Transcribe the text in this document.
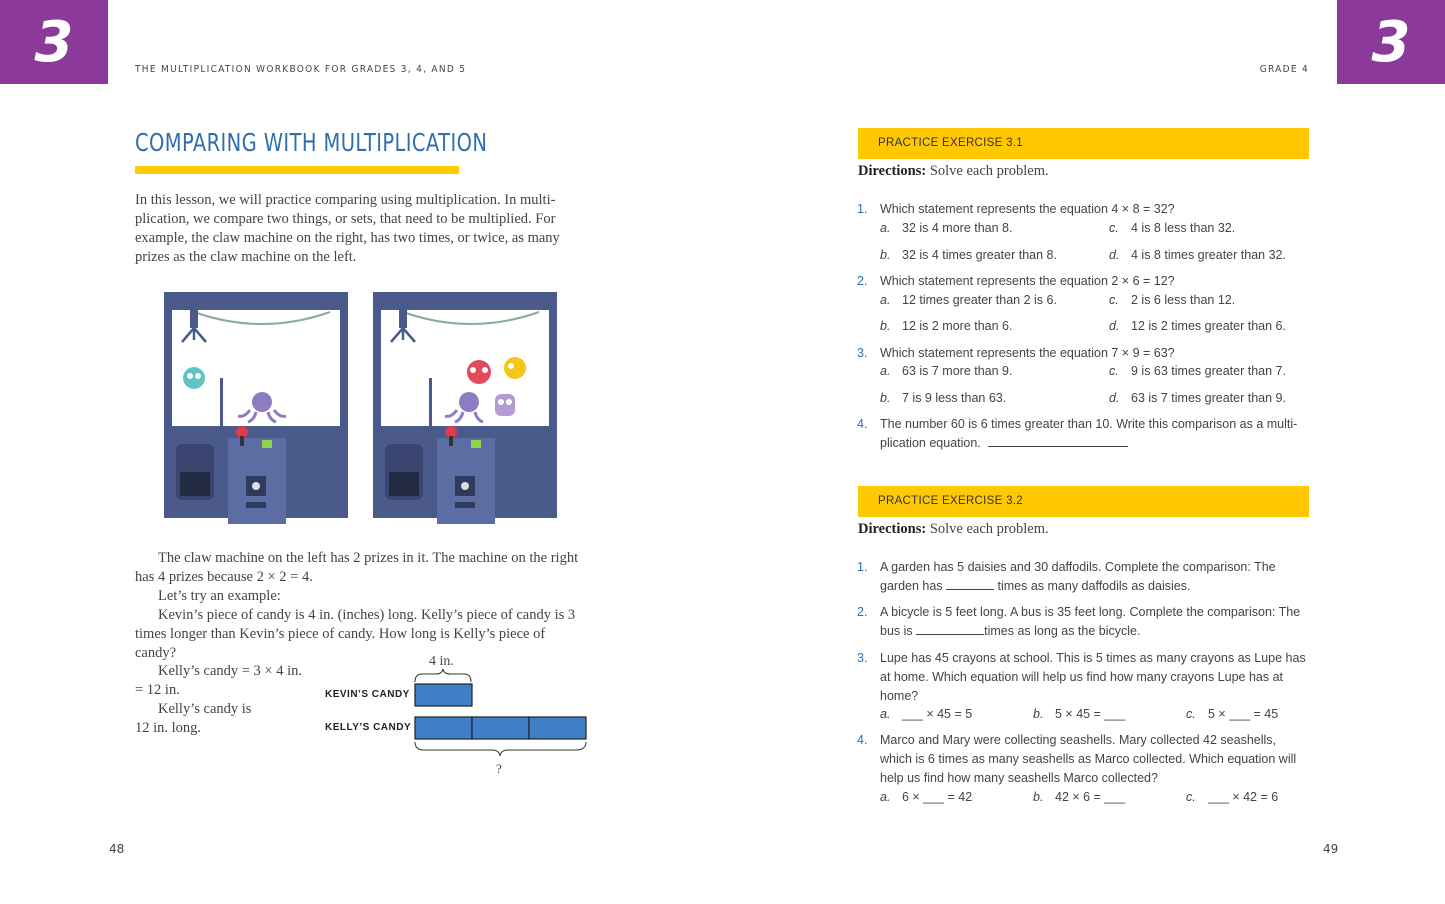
3	3
THE MULTIPLICATION WORKBOOK FOR GRADES 3, 4, AND 5	GRADE 4
COMPARING WITH MULTIPLICATION
In this lesson, we will practice comparing using multiplication. In multi-plication, we compare two things, or sets, that need to be multiplied. For example, the claw machine on the right, has two times, or twice, as many prizes as the claw machine on the left.
The claw machine on the left has 2 prizes in it. The machine on the right has 4 prizes because 2 × 2 = 4.
Let’s try an example:
Kevin’s piece of candy is 4 in. (inches) long. Kelly’s piece of candy is 3 times longer than Kevin’s piece of candy. How long is Kelly’s piece of candy?
Kelly’s candy = 3 × 4 in.
= 12 in.
Kelly’s candy is
12 in. long.
4 in.
KEVIN’S CANDY
KELLY’S CANDY
?
48
PRACTICE EXERCISE 3.1
Directions: Solve each problem.
1. Which statement represents the equation 4 × 8 = 32?
a. 32 is 4 more than 8.	c. 4 is 8 less than 32.
b. 32 is 4 times greater than 8.	d. 4 is 8 times greater than 32.
2. Which statement represents the equation 2 × 6 = 12?
a. 12 times greater than 2 is 6.	c. 2 is 6 less than 12.
b. 12 is 2 more than 6.	d. 12 is 2 times greater than 6.
3. Which statement represents the equation 7 × 9 = 63?
a. 63 is 7 more than 9.	c. 9 is 63 times greater than 7.
b. 7 is 9 less than 63.	d. 63 is 7 times greater than 9.
4. The number 60 is 6 times greater than 10. Write this comparison as a multi-plication equation.
PRACTICE EXERCISE 3.2
Directions: Solve each problem.
1. A garden has 5 daisies and 30 daffodils. Complete the comparison: The garden has	times as many daffodils as daisies.
2. A bicycle is 5 feet long. A bus is 35 feet long. Complete the comparison: The bus is	times as long as the bicycle.
3. Lupe has 45 crayons at school. This is 5 times as many crayons as Lupe has at home. Which equation will help us find how many crayons Lupe has at home?
a. ___ × 45 = 5	b. 5 × 45 = ___	c. 5 × ___ = 45
4. Marco and Mary were collecting seashells. Mary collected 42 seashells, which is 6 times as many seashells as Marco collected. Which equation will help us find how many seashells Marco collected?
a. 6 × ___ = 42	b. 42 × 6 = ___	c. ___ × 42 = 6
49
